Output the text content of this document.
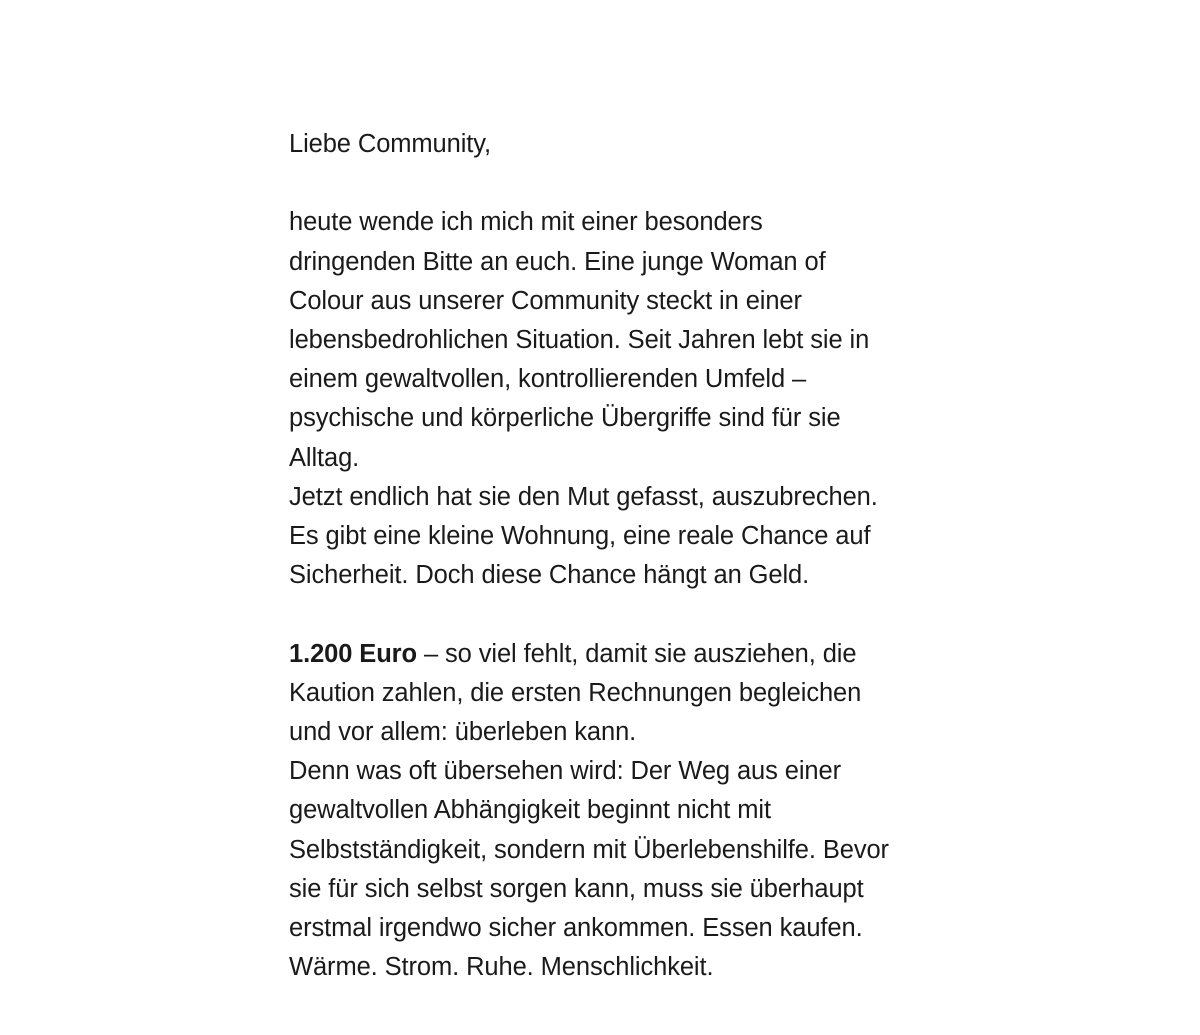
Liebe Community,
heute wende ich mich mit einer besonders
dringenden Bitte an euch. Eine junge Woman of
Colour aus unserer Community steckt in einer
lebensbedrohlichen Situation. Seit Jahren lebt sie in
einem gewaltvollen, kontrollierenden Umfeld –
psychische und körperliche Übergriffe sind für sie
Alltag.
Jetzt endlich hat sie den Mut gefasst, auszubrechen.
Es gibt eine kleine Wohnung, eine reale Chance auf
Sicherheit. Doch diese Chance hängt an Geld.
1.200 Euro – so viel fehlt, damit sie ausziehen, die
Kaution zahlen, die ersten Rechnungen begleichen
und vor allem: überleben kann.
Denn was oft übersehen wird: Der Weg aus einer
gewaltvollen Abhängigkeit beginnt nicht mit
Selbstständigkeit, sondern mit Überlebenshilfe. Bevor
sie für sich selbst sorgen kann, muss sie überhaupt
erstmal irgendwo sicher ankommen. Essen kaufen.
Wärme. Strom. Ruhe. Menschlichkeit.
